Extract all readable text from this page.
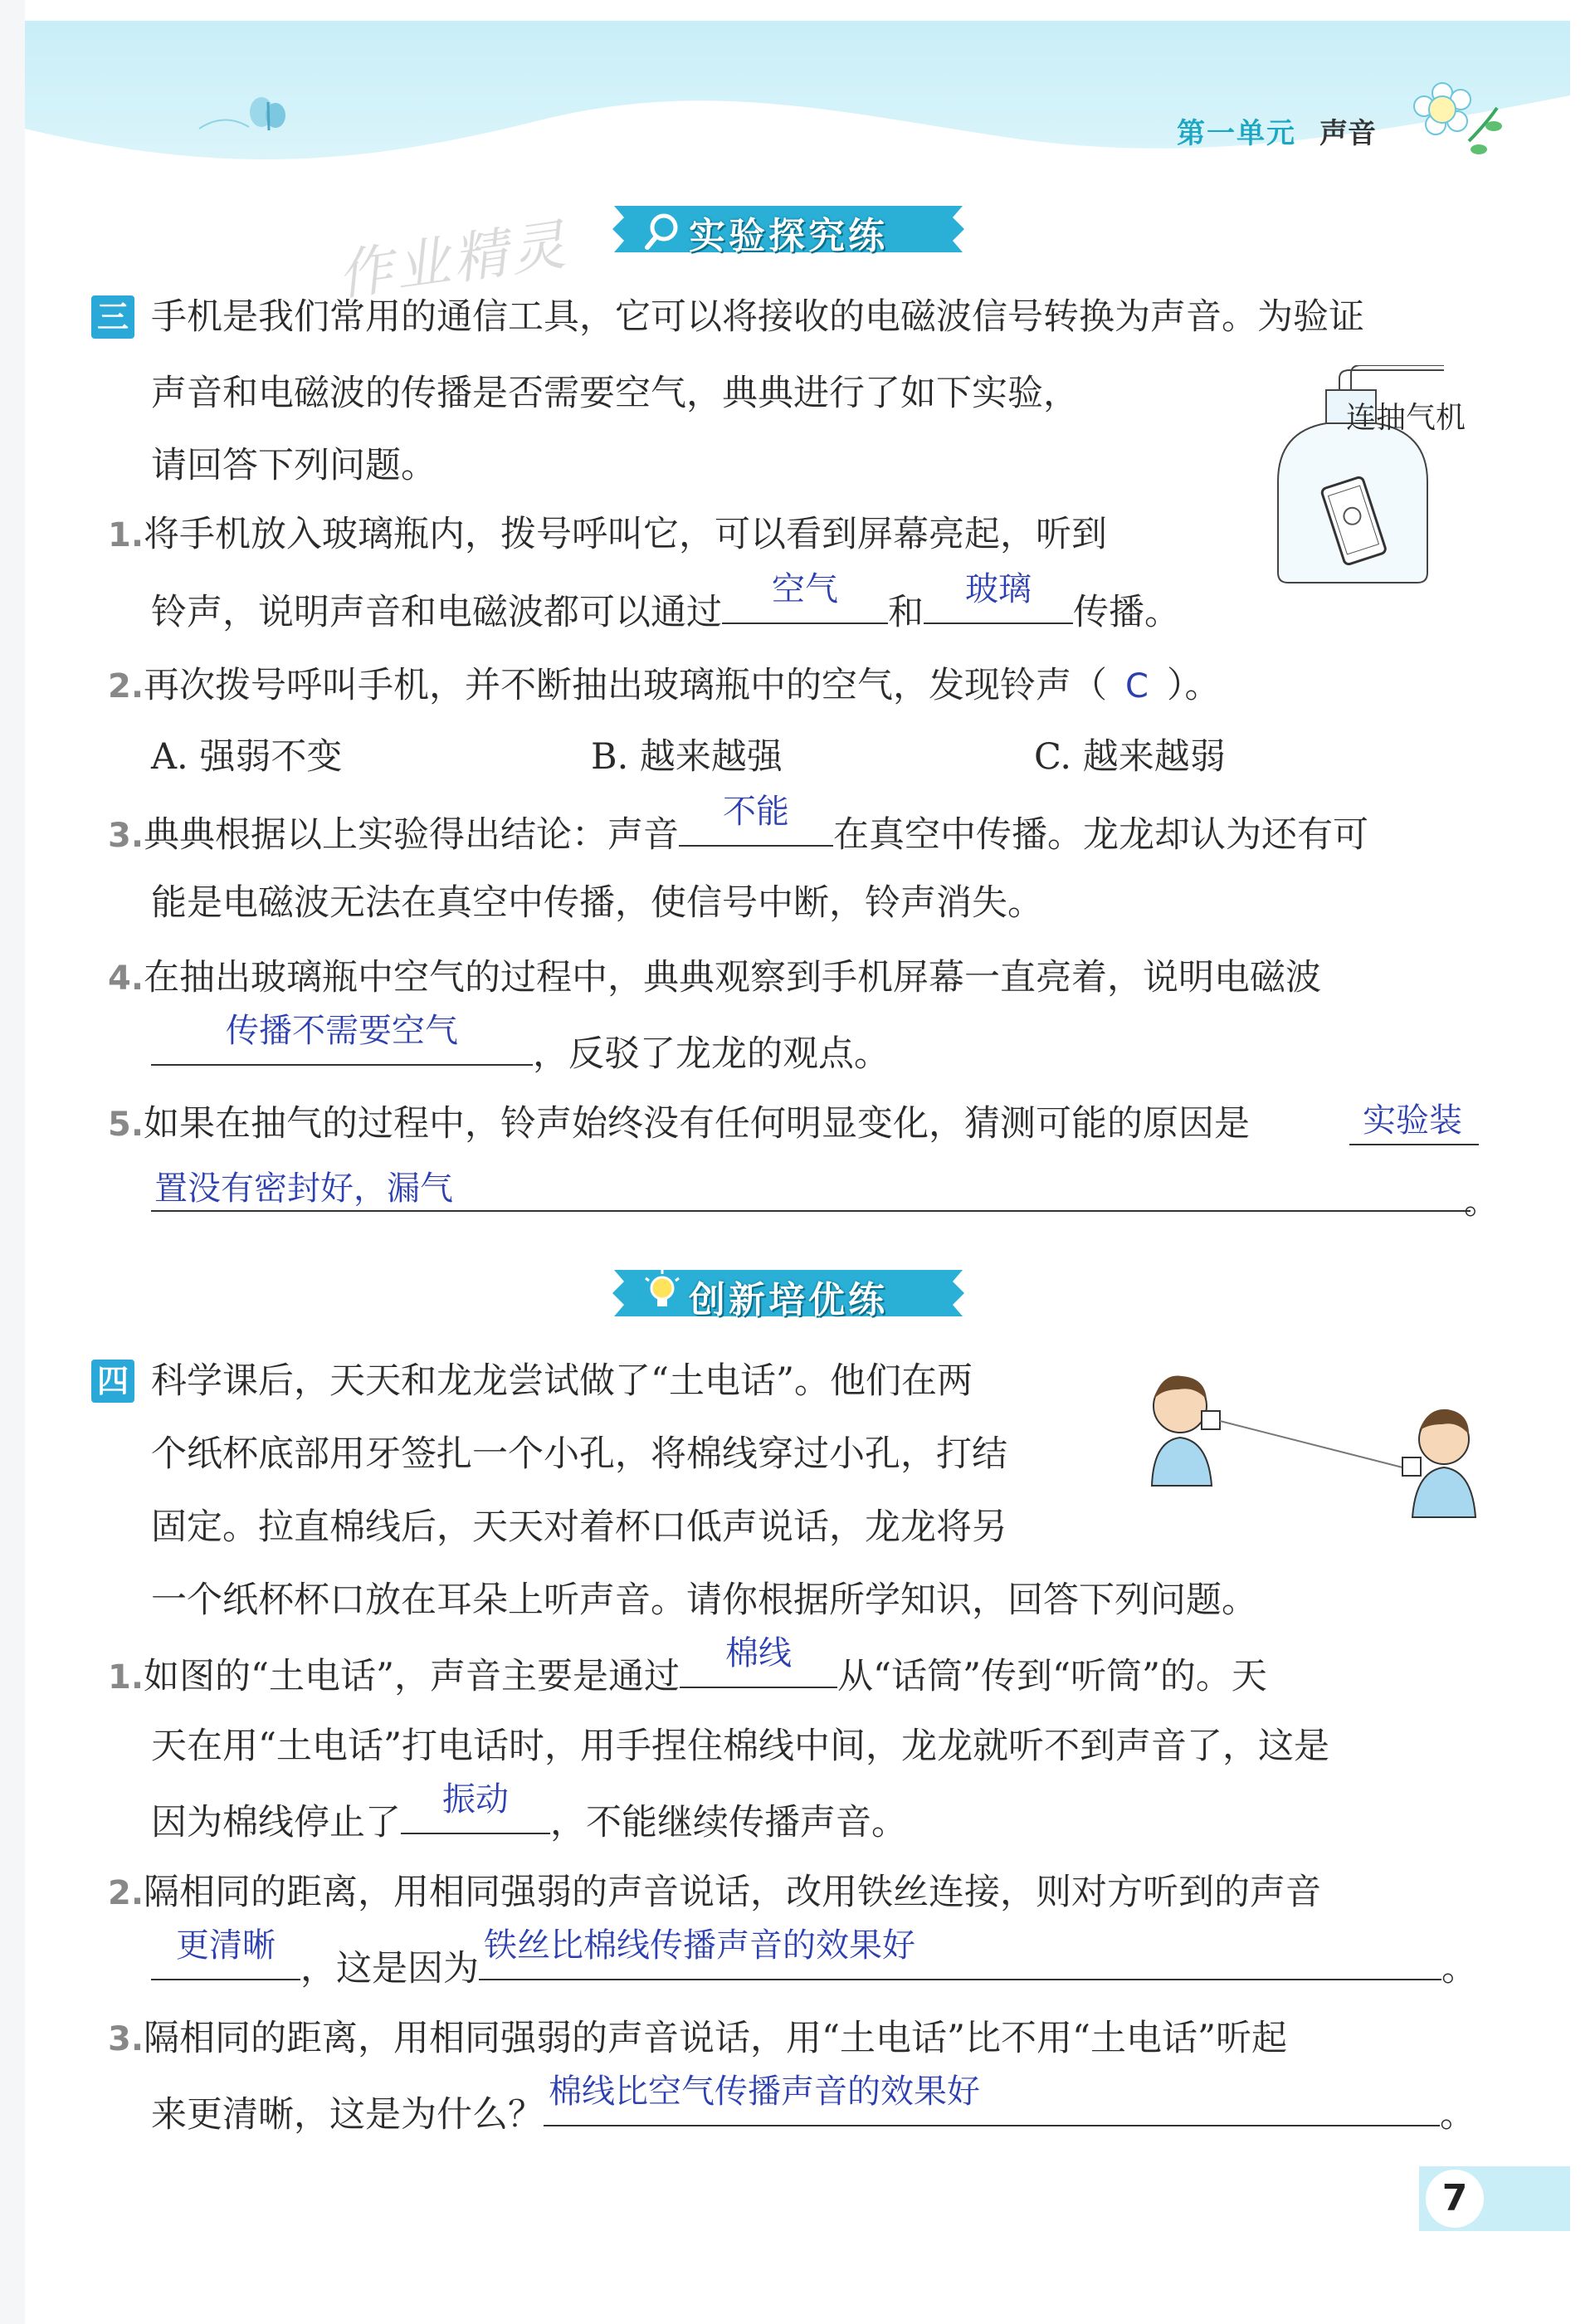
第一单元 声音
实验探究练
作业精灵
三 手机是我们常用的通信工具，它可以将接收的电磁波信号转换为声音。为验证
声音和电磁波的传播是否需要空气，典典进行了如下实验，
请回答下列问题。
连抽气机
1.将手机放入玻璃瓶内，拨号呼叫它，可以看到屏幕亮起，听到
铃声，说明声音和电磁波都可以通过
空气
和
玻璃
传播。
2.再次拨号呼叫手机，并不断抽出玻璃瓶中的空气，发现铃声（ C ）。
A. 强弱不变	B. 越来越强	C. 越来越弱
3.典典根据以上实验得出结论：声音
不能
在真空中传播。龙龙却认为还有可
能是电磁波无法在真空中传播，使信号中断，铃声消失。
4.在抽出玻璃瓶中空气的过程中，典典观察到手机屏幕一直亮着，说明电磁波
传播不需要空气
，反驳了龙龙的观点。
5.如果在抽气的过程中，铃声始终没有任何明显变化，猜测可能的原因是	实验装
置没有密封好，漏气	。
创新培优练
四 科学课后，天天和龙龙尝试做了“土电话”。他们在两
个纸杯底部用牙签扎一个小孔，将棉线穿过小孔，打结
固定。拉直棉线后，天天对着杯口低声说话，龙龙将另
一个纸杯杯口放在耳朵上听声音。请你根据所学知识，回答下列问题。
1.如图的“土电话”，声音主要是通过
棉线
从“话筒”传到“听筒”的。天
天在用“土电话”打电话时，用手捏住棉线中间，龙龙就听不到声音了，这是
因为棉线停止了
振动
，不能继续传播声音。
2.隔相同的距离，用相同强弱的声音说话，改用铁丝连接，则对方听到的声音
更清晰
，这是因为
铁丝比棉线传播声音的效果好
。
3.隔相同的距离，用相同强弱的声音说话，用“土电话”比不用“土电话”听起
来更清晰，这是为什么？
棉线比空气传播声音的效果好
。
7
